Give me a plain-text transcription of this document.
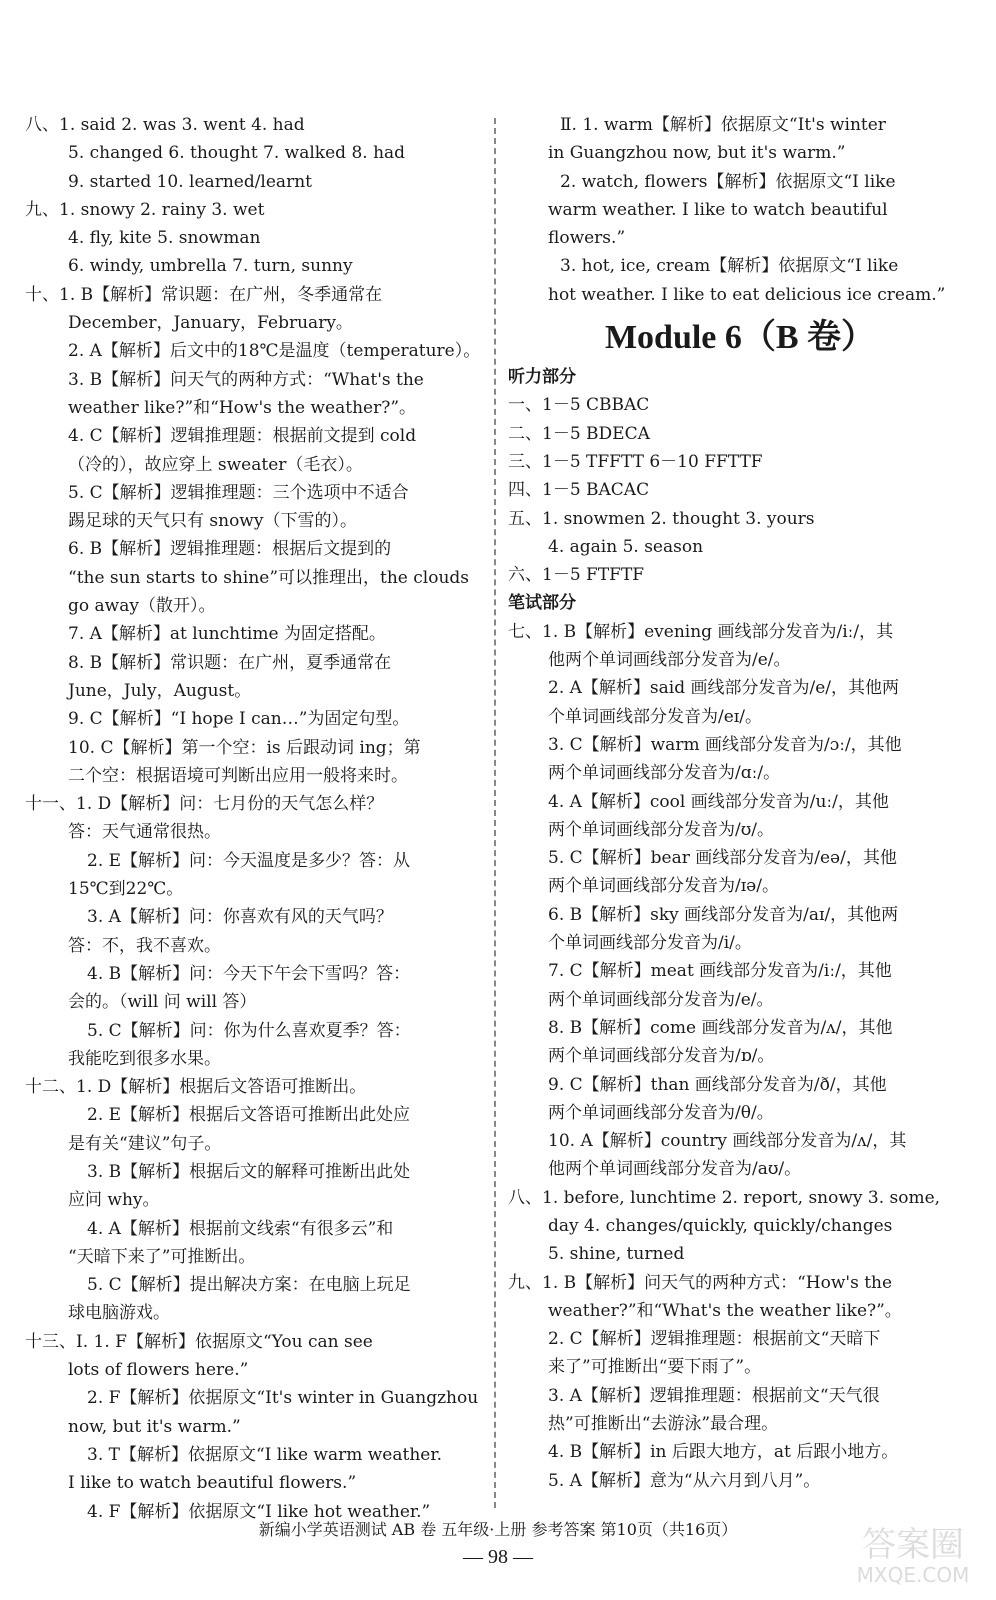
八、1. said 2. was 3. went 4. had
5. changed 6. thought 7. walked 8. had
9. started 10. learned/learnt
九、1. snowy 2. rainy 3. wet
4. fly, kite 5. snowman
6. windy, umbrella 7. turn, sunny
十、1. B【解析】常识题：在广州，冬季通常在
December，January，February。
2. A【解析】后文中的18℃是温度（temperature）。
3. B【解析】问天气的两种方式：“What's the
weather like?”和“How's the weather?”。
4. C【解析】逻辑推理题：根据前文提到 cold
（冷的），故应穿上 sweater（毛衣）。
5. C【解析】逻辑推理题：三个选项中不适合
踢足球的天气只有 snowy（下雪的）。
6. B【解析】逻辑推理题：根据后文提到的
“the sun starts to shine”可以推理出，the clouds
go away（散开）。
7. A【解析】at lunchtime 为固定搭配。
8. B【解析】常识题：在广州，夏季通常在
June，July，August。
9. C【解析】“I hope I can…”为固定句型。
10. C【解析】第一个空：is 后跟动词 ing；第
二个空：根据语境可判断出应用一般将来时。
十一、1. D【解析】问：七月份的天气怎么样？
答：天气通常很热。
2. E【解析】问：今天温度是多少？答：从
15℃到22℃。
3. A【解析】问：你喜欢有风的天气吗？
答：不，我不喜欢。
4. B【解析】问：今天下午会下雪吗？答：
会的。（will 问 will 答）
5. C【解析】问：你为什么喜欢夏季？答：
我能吃到很多水果。
十二、1. D【解析】根据后文答语可推断出。
2. E【解析】根据后文答语可推断出此处应
是有关“建议”句子。
3. B【解析】根据后文的解释可推断出此处
应问 why。
4. A【解析】根据前文线索“有很多云”和
“天暗下来了”可推断出。
5. C【解析】提出解决方案：在电脑上玩足
球电脑游戏。
十三、Ⅰ. 1. F【解析】依据原文“You can see
lots of flowers here.”
2. F【解析】依据原文“It's winter in Guangzhou
now, but it's warm.”
3. T【解析】依据原文“I like warm weather.
I like to watch beautiful flowers.”
4. F【解析】依据原文“I like hot weather.”
Ⅱ. 1. warm【解析】依据原文“It's winter
in Guangzhou now, but it's warm.”
2. watch, flowers【解析】依据原文“I like
warm weather. I like to watch beautiful
flowers.”
3. hot, ice, cream【解析】依据原文“I like
hot weather. I like to eat delicious ice cream.”
Module 6（B 卷）
听力部分
一、1－5 CBBAC
二、1－5 BDECA
三、1－5 TFFTT 6－10 FFTTF
四、1－5 BACAC
五、1. snowmen 2. thought 3. yours
4. again 5. season
六、1－5 FTFTF
笔试部分
七、1. B【解析】evening 画线部分发音为/iː/，其
他两个单词画线部分发音为/e/。
2. A【解析】said 画线部分发音为/e/，其他两
个单词画线部分发音为/eɪ/。
3. C【解析】warm 画线部分发音为/ɔː/，其他
两个单词画线部分发音为/ɑː/。
4. A【解析】cool 画线部分发音为/uː/，其他
两个单词画线部分发音为/ʊ/。
5. C【解析】bear 画线部分发音为/eə/，其他
两个单词画线部分发音为/ɪə/。
6. B【解析】sky 画线部分发音为/aɪ/，其他两
个单词画线部分发音为/i/。
7. C【解析】meat 画线部分发音为/iː/，其他
两个单词画线部分发音为/e/。
8. B【解析】come 画线部分发音为/ʌ/，其他
两个单词画线部分发音为/ɒ/。
9. C【解析】than 画线部分发音为/ð/，其他
两个单词画线部分发音为/θ/。
10. A【解析】country 画线部分发音为/ʌ/，其
他两个单词画线部分发音为/aʊ/。
八、1. before, lunchtime 2. report, snowy 3. some,
day 4. changes/quickly, quickly/changes
5. shine, turned
九、1. B【解析】问天气的两种方式：“How's the
weather?”和“What's the weather like?”。
2. C【解析】逻辑推理题：根据前文“天暗下
来了”可推断出“要下雨了”。
3. A【解析】逻辑推理题：根据前文“天气很
热”可推断出“去游泳”最合理。
4. B【解析】in 后跟大地方，at 后跟小地方。
5. A【解析】意为“从六月到八月”。
新编小学英语测试 AB 卷 五年级·上册 参考答案 第10页（共16页）
— 98 —	答案圈
MXQE.COM
